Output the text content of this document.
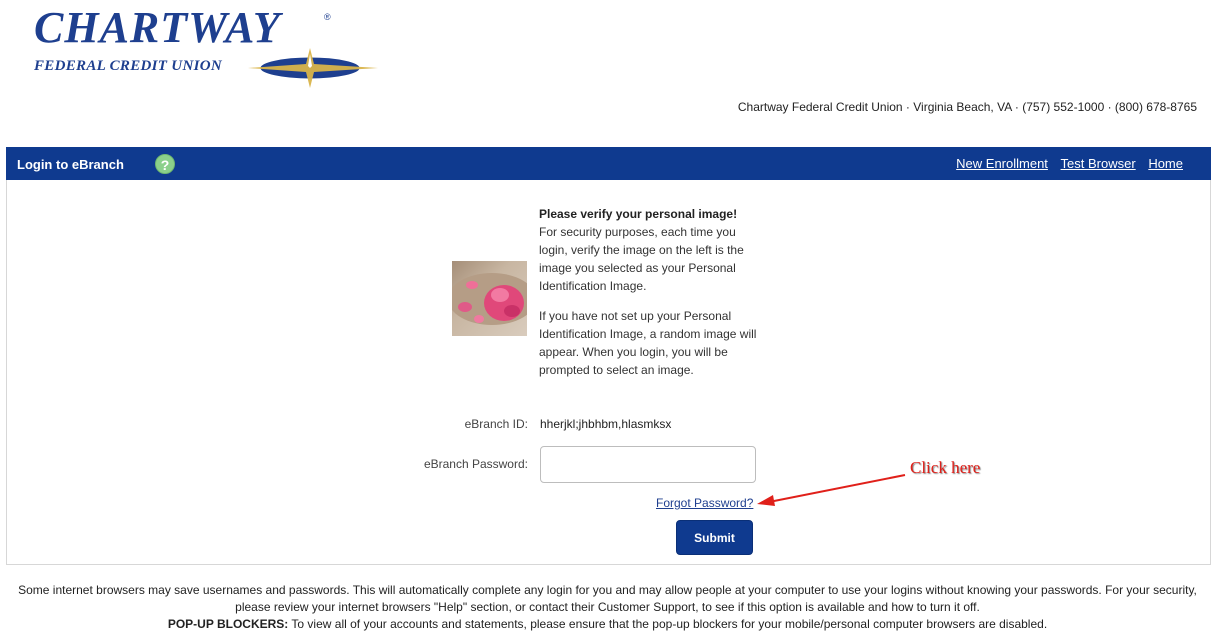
CHARTWAY	®
FEDERAL CREDIT UNION
Chartway Federal Credit Union · Virginia Beach, VA · (757) 552-1000 · (800) 678-8765
Login to eBranch	?	New Enrollment Test Browser Home
Please verify your personal image!

For security purposes, each time you login, verify the image on the left is the image you selected as your Personal Identification Image.

If you have not set up your Personal Identification Image, a random image will appear. When you login, you will be prompted to select an image.

eBranch ID: hherjkl;jhbhbm,hlasmksx
eBranch Password:
Forgot Password?
Submit
Click here
Some internet browsers may save usernames and passwords. This will automatically complete any login for you and may allow people at your computer to use your logins without knowing your passwords. For your security, please review your internet browsers "Help" section, or contact their Customer Support, to see if this option is available and how to turn it off.
POP-UP BLOCKERS: To view all of your accounts and statements, please ensure that the pop-up blockers for your mobile/personal computer browsers are disabled.
